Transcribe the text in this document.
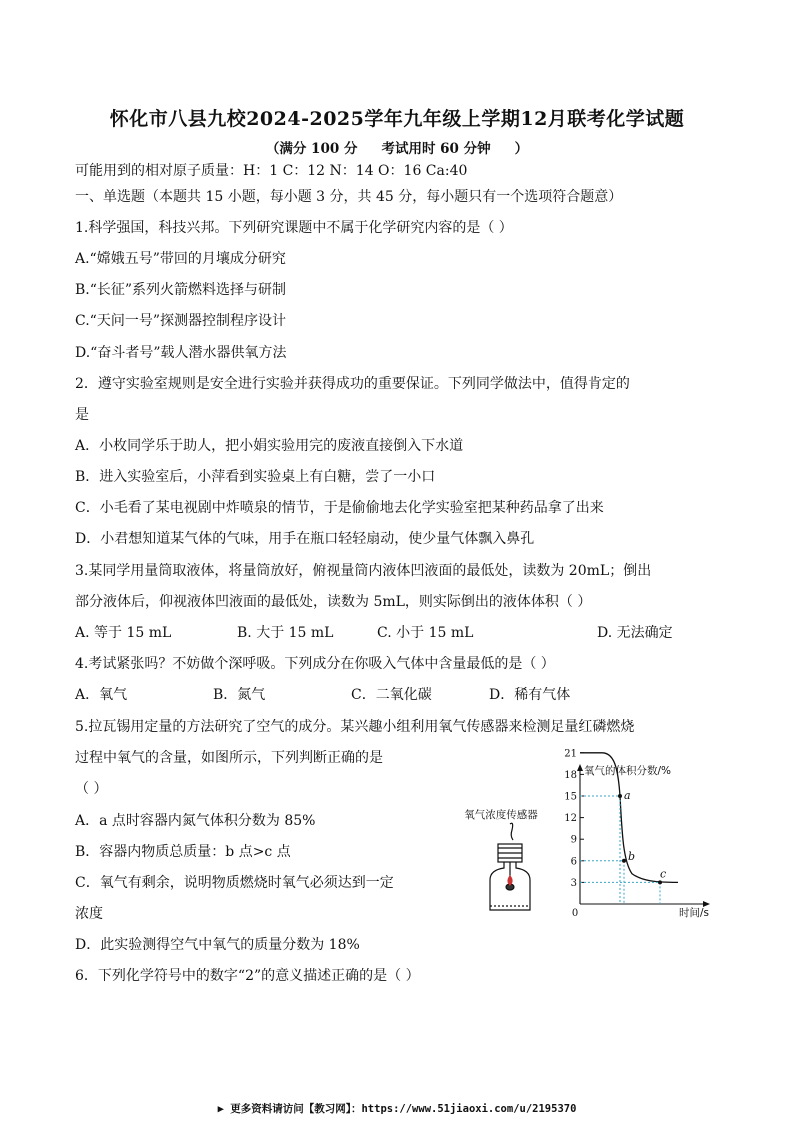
怀化市八县九校2024-2025学年九年级上学期12月联考化学试题
（满分 100 分 考试用时 60 分钟 ）
可能用到的相对原子质量：H：1 C：12 N：14 O：16 Ca:40
一、单选题（本题共 15 小题，每小题 3 分，共 45 分，每小题只有一个选项符合题意）
1.科学强国，科技兴邦。下列研究课题中不属于化学研究内容的是（ ）
A.“嫦娥五号”带回的月壤成分研究
B.“长征”系列火箭燃料选择与研制
C.“天问一号”探测器控制程序设计
D.“奋斗者号”载人潜水器供氧方法
2．遵守实验室规则是安全进行实验并获得成功的重要保证。下列同学做法中，值得肯定的
是
A．小枚同学乐于助人，把小娟实验用完的废液直接倒入下水道
B．进入实验室后，小萍看到实验桌上有白糖，尝了一小口
C．小毛看了某电视剧中炸喷泉的情节，于是偷偷地去化学实验室把某种药品拿了出来
D．小君想知道某气体的气味，用手在瓶口轻轻扇动，使少量气体飘入鼻孔
3.某同学用量筒取液体，将量筒放好，俯视量筒内液体凹液面的最低处，读数为 20mL；倒出
部分液体后，仰视液体凹液面的最低处，读数为 5mL，则实际倒出的液体体积（ ）
A. 等于 15 mL	B. 大于 15 mL	C. 小于 15 mL	D. 无法确定
4.考试紧张吗？不妨做个深呼吸。下列成分在你吸入气体中含量最低的是（ ）
A．氧气	B．氮气	C．二氧化碳	D．稀有气体
5.拉瓦锡用定量的方法研究了空气的成分。某兴趣小组利用氧气传感器来检测足量红磷燃烧
过程中氧气的含量，如图所示，下列判断正确的是
（ ）
A．a 点时容器内氮气体积分数为 85%
B．容器内物质总质量：b 点>c 点
C．氧气有剩余，说明物质燃烧时氧气必须达到一定
浓度
D．此实验测得空气中氧气的质量分数为 18%
6．下列化学符号中的数字“2”的意义描述正确的是（ ）
氧气浓度传感器
氧气的体积分数/%
时间/s
0
21
18
15
12
9
6
3
a
b
c
▶ 更多资料请访问【教习网】：https://www.51jiaoxi.com/u/2195370
